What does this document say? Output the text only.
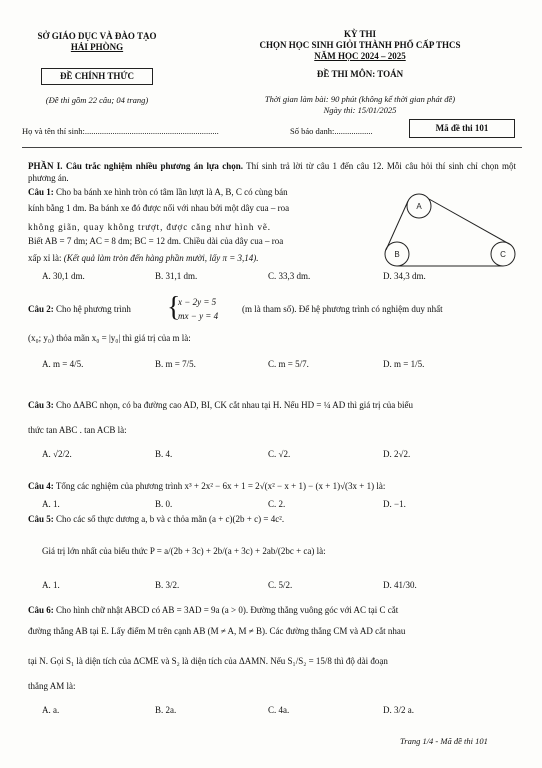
SỞ GIÁO DỤC VÀ ĐÀO TẠO
HẢI PHÒNG
KỲ THI
CHỌN HỌC SINH GIỎI THÀNH PHỐ CẤP THCS
NĂM HỌC 2024 – 2025
ĐỀ CHÍNH THỨC	ĐỀ THI MÔN: TOÁN
(Đề thi gồm 22 câu; 04 trang)	Thời gian làm bài: 90 phút (không kể thời gian phát đề)
Ngày thi: 15/01/2025
Họ và tên thí sinh:...............................................................	Số báo danh:..................	Mã đề thi 101
PHẦN I. Câu trắc nghiệm nhiều phương án lựa chọn. Thí sinh trả lời từ câu 1 đến câu 12. Mỗi câu hỏi thí sinh chỉ chọn một phương án.
Câu 1: Cho ba bánh xe hình tròn có tâm lần lượt là A, B, C có cùng bán
kính bằng 1 dm. Ba bánh xe đó được nối với nhau bởi một dây cua – roa
không giãn, quay không trượt, được căng như hình vẽ.
Biết AB = 7 dm; AC = 8 dm; BC = 12 dm. Chiều dài của dây cua – roa
xấp xỉ là: (Kết quả làm tròn đến hàng phần mười, lấy π = 3,14).
A
B	C
A. 30,1 dm.	B. 31,1 dm.	C. 33,3 dm.	D. 34,3 dm.
Câu 2: Cho hệ phương trình {
x − 2y = 5
mx − y = 4
(m là tham số). Để hệ phương trình có nghiệm duy nhất
(x₀; y₀) thỏa mãn x₀ = |y₀| thì giá trị của m là:
A. m = 4/5.	B. m = 7/5.	C. m = 5/7.	D. m = 1/5.
Câu 3: Cho ΔABC nhọn, có ba đường cao AD, BI, CK cắt nhau tại H. Nếu HD = ¼ AD thì giá trị của biểu
thức tan ABC . tan ACB là:
A. √2/2.	B. 4.	C. √2.	D. 2√2.
Câu 4: Tổng các nghiệm của phương trình x³ + 2x² − 6x + 1 = 2√(x² − x + 1) − (x + 1)√(3x + 1) là:
A. 1.	B. 0.	C. 2.	D. −1.
Câu 5: Cho các số thực dương a, b và c thỏa mãn (a + c)(2b + c) = 4c².
Giá trị lớn nhất của biểu thức P = a/(2b + 3c) + 2b/(a + 3c) + 2ab/(2bc + ca) là:
A. 1.	B. 3/2.	C. 5/2.	D. 41/30.
Câu 6: Cho hình chữ nhật ABCD có AB = 3AD = 9a (a > 0). Đường thẳng vuông góc với AC tại C cắt
đường thẳng AB tại E. Lấy điểm M trên cạnh AB (M ≠ A, M ≠ B). Các đường thẳng CM và AD cắt nhau
tại N. Gọi S₁ là diện tích của ΔCME và S₂ là diện tích của ΔAMN. Nếu S₁/S₂ = 15/8 thì độ dài đoạn
thẳng AM là:
A. a.	B. 2a.	C. 4a.	D. 3/2 a.
Trang 1/4 - Mã đề thi 101
